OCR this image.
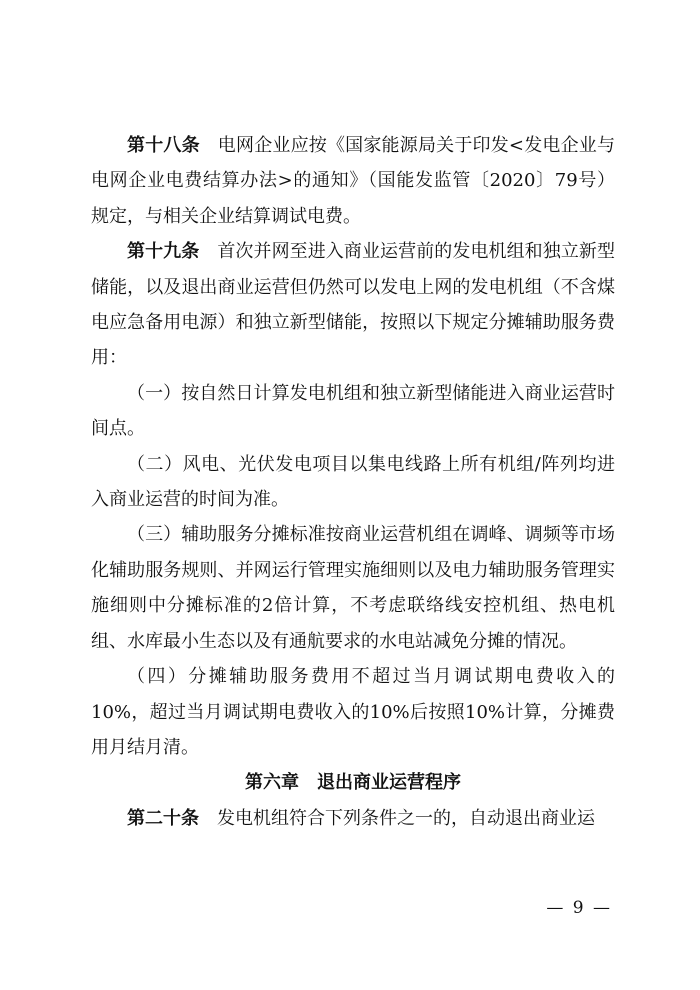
第十八条 电网企业应按《国家能源局关于印发<发电企业与电网企业电费结算办法>的通知》（国能发监管〔2020〕79号）规定，与相关企业结算调试电费。

第十九条 首次并网至进入商业运营前的发电机组和独立新型储能，以及退出商业运营但仍然可以发电上网的发电机组（不含煤电应急备用电源）和独立新型储能，按照以下规定分摊辅助服务费用：

（一）按自然日计算发电机组和独立新型储能进入商业运营时间点。

（二）风电、光伏发电项目以集电线路上所有机组/阵列均进入商业运营的时间为准。

（三）辅助服务分摊标准按商业运营机组在调峰、调频等市场化辅助服务规则、并网运行管理实施细则以及电力辅助服务管理实施细则中分摊标准的2倍计算，不考虑联络线安控机组、热电机组、水库最小生态以及有通航要求的水电站减免分摊的情况。

（四）分摊辅助服务费用不超过当月调试期电费收入的10%，超过当月调试期电费收入的10%后按照10%计算，分摊费用月结月清。

第六章 退出商业运营程序

第二十条 发电机组符合下列条件之一的，自动退出商业运

— 9 —
